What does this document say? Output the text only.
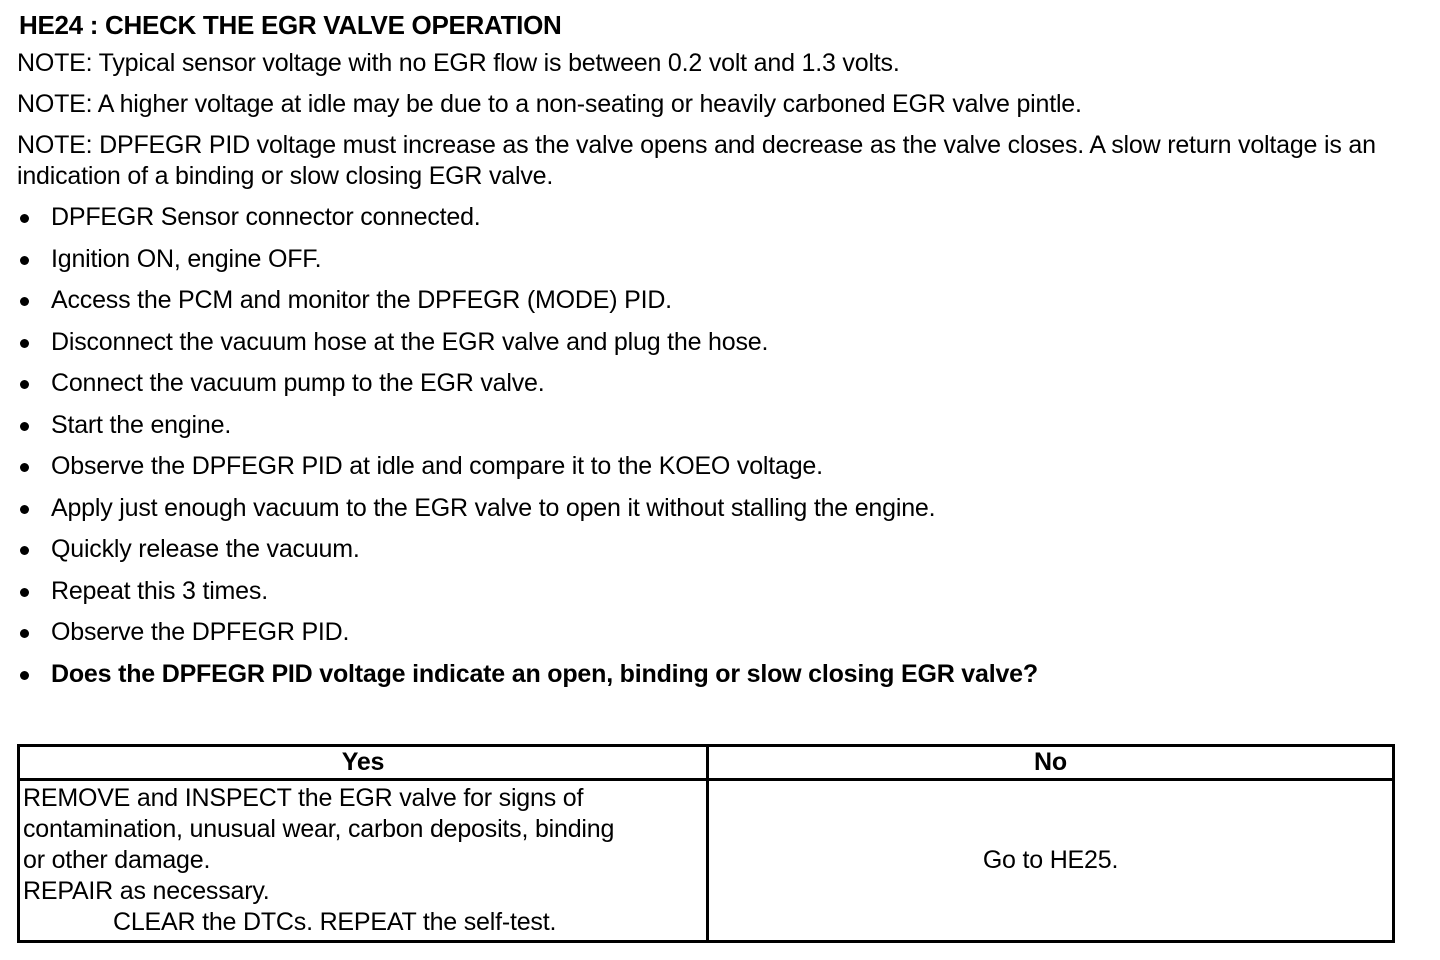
HE24 : CHECK THE EGR VALVE OPERATION

NOTE: Typical sensor voltage with no EGR flow is between 0.2 volt and 1.3 volts.

NOTE: A higher voltage at idle may be due to a non-seating or heavily carboned EGR valve pintle.

NOTE: DPFEGR PID voltage must increase as the valve opens and decrease as the valve closes. A slow return voltage is an indication of a binding or slow closing EGR valve.

DPFEGR Sensor connector connected.
Ignition ON, engine OFF.
Access the PCM and monitor the DPFEGR (MODE) PID.
Disconnect the vacuum hose at the EGR valve and plug the hose.
Connect the vacuum pump to the EGR valve.
Start the engine.
Observe the DPFEGR PID at idle and compare it to the KOEO voltage.
Apply just enough vacuum to the EGR valve to open it without stalling the engine.
Quickly release the vacuum.
Repeat this 3 times.
Observe the DPFEGR PID.
Does the DPFEGR PID voltage indicate an open, binding or slow closing EGR valve?
Yes	No

REMOVE and INSPECT the EGR valve for signs of
contamination, unusual wear, carbon deposits, binding
or other damage.
REPAIR as necessary.
CLEAR the DTCs. REPEAT the self-test.	Go to HE25.
